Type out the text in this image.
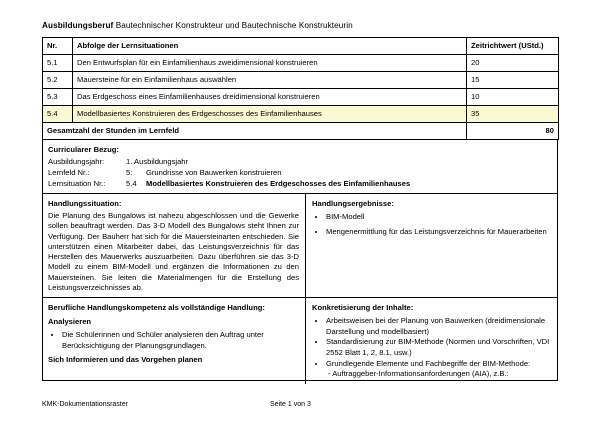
Ausbildungsberuf Bautechnischer Konstrukteur und Bautechnische Konstrukteurin
Nr.	Abfolge der Lernsituationen	Zeitrichtwert (UStd.)
5.1	Den Entwurfsplan für ein Einfamilienhaus zweidimensional konstruieren	20
5.2	Mauersteine für ein Einfamilienhaus auswählen	15
5.3	Das Erdgeschoss eines Einfamilienhauses dreidimensional konstruieren	10
5.4	Modellbasiertes Konstruieren des Erdgeschosses des Einfamilienhauses	35
Gesamtzahl der Stunden im Lernfeld		80
Curricularer Bezug:
Ausbildungsjahr:	1. Ausbildungsjahr
Lernfeld Nr.:	5: Grundrisse von Bauwerken konstruieren
Lernsituation Nr.:	5.4 Modellbasiertes Konstruieren des Erdgeschosses des Einfamilienhauses
Handlungssituation:
Die Planung des Bungalows ist nahezu abgeschlossen und die Gewerke sollen beauftragt werden. Das 3-D Modell des Bungalows steht Ihnen zur Verfügung. Der Bauherr hat sich für die Mauersteinarten entschieden. Sie unterstützen einen Mitarbeiter dabei, das Leistungsverzeichnis für das Herstellen des Mauerwerks auszuarbeiten. Dazu überführen sie das 3-D Modell zu einem BIM-Modell und ergänzen die Informationen zu den Mauersteinen. Sie leiten die Materialmengen für die Erstellung des Leistungsverzeichnisses ab.
Handlungsergebnisse:
• BIM-Modell
• Mengenermittlung für das Leistungsverzeichnis für Mauerarbeiten
Berufliche Handlungskompetenz als vollständige Handlung:
Analysieren
• Die Schülerinnen und Schüler analysieren den Auftrag unter Berücksichtigung der Planungsgrundlagen.
Sich Informieren und das Vorgehen planen
Konkretisierung der Inhalte:
• Arbeitsweisen bei der Planung von Bauwerken (dreidimensionale Darstellung und modellbasiert)
• Standardisierung zur BIM-Methode (Normen und Vorschriften, VDI 2552 Blatt 1, 2, 8.1, usw.)
• Grundlegende Elemente und Fachbegriffe der BIM-Methode:
- Auftraggeber-Informationsanforderungen (AIA), z.B.:
KMK-Dokumentationsraster	Seite 1 von 3
